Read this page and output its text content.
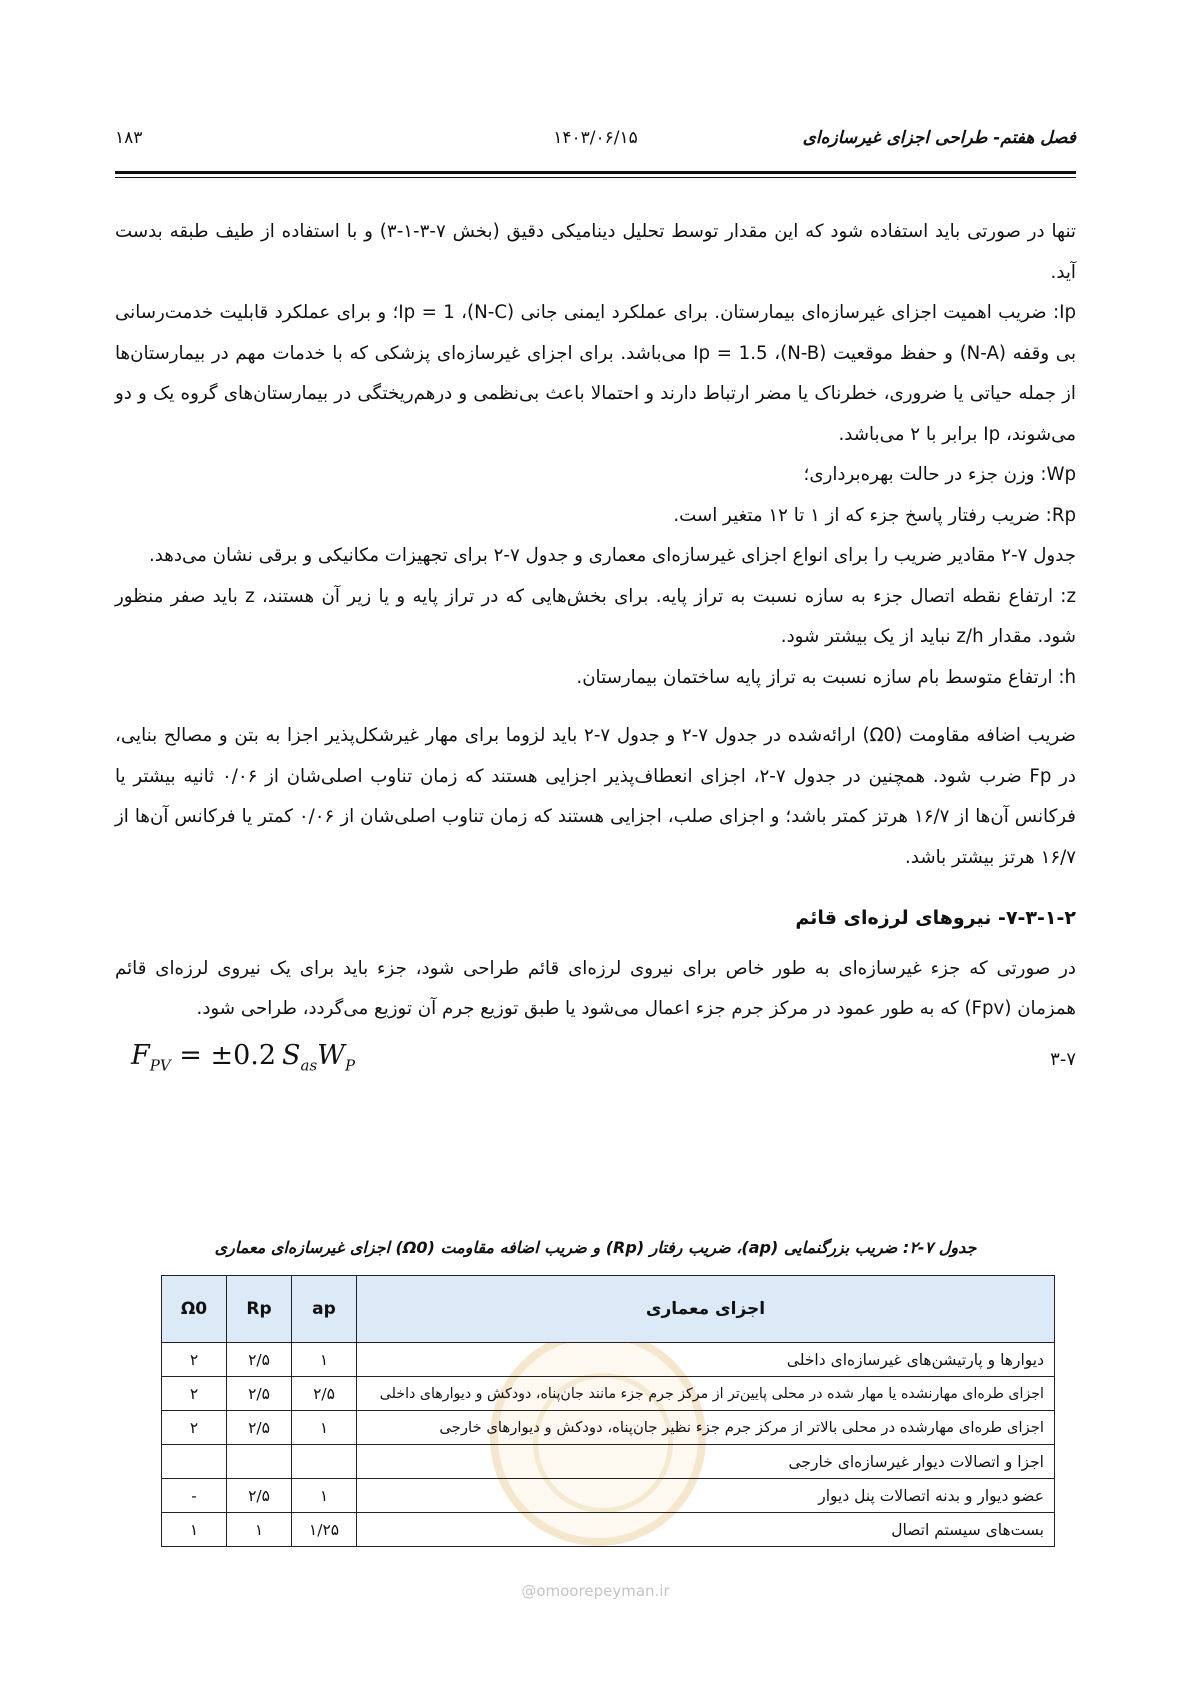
فصل هفتم- طراحی اجزای غیرسازه‌ای
۱۴۰۳/۰۶/۱۵
۱۸۳

تنها در صورتی باید استفاده شود که این مقدار توسط تحلیل دینامیکی دقیق (بخش ۷-۳-۱-۳) و با استفاده از طیف طبقه بدست آید.

Ip: ضریب اهمیت اجزای غیرسازه‌ای بیمارستان. برای عملکرد ایمنی جانی (N-C)، Ip = 1؛ و برای عملکرد قابلیت خدمت‌رسانی بی وقفه (N-A) و حفظ موقعیت (N-B)، Ip = 1.5 می‌باشد. برای اجزای غیرسازه‌ای پزشکی که با خدمات مهم در بیمارستان‌ها از جمله حیاتی یا ضروری، خطرناک یا مضر ارتباط دارند و احتمالا باعث بی‌نظمی و درهم‌ریختگی در بیمارستان‌های گروه یک و دو می‌شوند، Ip برابر با ۲ می‌باشد.

Wp: وزن جزء در حالت بهره‌برداری؛

Rp: ضریب رفتار پاسخ جزء که از ۱ تا ۱۲ متغیر است.

جدول ۷-۲ مقادیر ضریب را برای انواع اجزای غیرسازه‌ای معماری و جدول ۷-۲ برای تجهیزات مکانیکی و برقی نشان می‌دهد.

z: ارتفاع نقطه اتصال جزء به سازه نسبت به تراز پایه. برای بخش‌هایی که در تراز پایه و یا زیر آن هستند، z باید صفر منظور شود. مقدار z/h نباید از یک بیشتر شود.

h: ارتفاع متوسط بام سازه نسبت به تراز پایه ساختمان بیمارستان.

ضریب اضافه مقاومت (Ω0) ارائه‌شده در جدول ۷-۲ و جدول ۷-۲ باید لزوما برای مهار غیرشکل‌پذیر اجزا به بتن و مصالح بنایی، در Fp ضرب شود. همچنین در جدول ۷-۲، اجزای انعطاف‌پذیر اجزایی هستند که زمان تناوب اصلی‌شان از ۰/۰۶ ثانیه بیشتر یا فرکانس آن‌ها از ۱۶/۷ هرتز کمتر باشد؛ و اجزای صلب، اجزایی هستند که زمان تناوب اصلی‌شان از ۰/۰۶ کمتر یا فرکانس آن‌ها از ۱۶/۷ هرتز بیشتر باشد.

۷-۳-۱-۲- نیروهای لرزه‌ای قائم

در صورتی که جزء غیرسازه‌ای به طور خاص برای نیروی لرزه‌ای قائم طراحی شود، جزء باید برای یک نیروی لرزه‌ای قائم همزمان (Fpv) که به طور عمود در مرکز جرم جزء اعمال می‌شود یا طبق توزیع جرم آن توزیع می‌گردد، طراحی شود.

$F_{PV} = \pm 0.2$ $S_{as}W_P$	۳-۷
جدول ۷-۲: ضریب بزرگنمایی (ap)، ضریب رفتار (Rp) و ضریب اضافه مقاومت (Ω0) اجزای غیرسازه‌ای معماری
اجزای معماری	ap	Rp	Ω0
دیوارها و پارتیشن‌های غیرسازه‌ای داخلی	۱	۲/۵	۲
اجزای طره‌ای مهارنشده یا مهار شده در محلی پایین‌تر از مرکز جرم جزء مانند جان‌پناه، دودکش و دیوارهای داخلی	۲/۵	۲/۵	۲
اجزای طره‌ای مهارشده در محلی بالاتر از مرکز جرم جزء نظیر جان‌پناه، دودکش و دیوارهای خارجی	۱	۲/۵	۲
اجزا و اتصالات دیوار غیرسازه‌ای خارجی			
عضو دیوار و بدنه اتصالات پنل دیوار	۱	۲/۵	-
بست‌های سیستم اتصال	۱/۲۵	۱	۱
@omoorepeyman.ir
